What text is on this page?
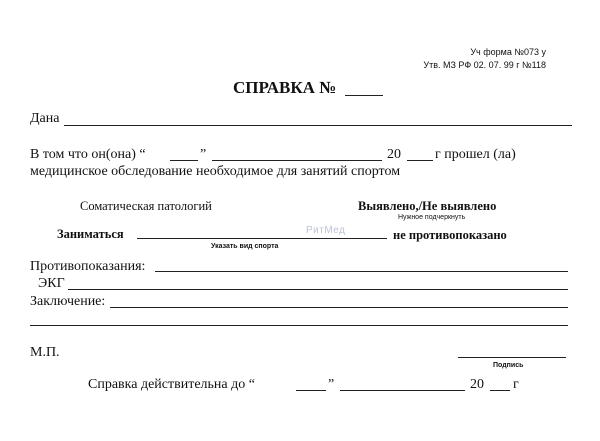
Уч форма №073 у
Утв. МЗ РФ 02. 07. 99 г №118
СПРАВКА №
Дана
В том что он(она) “	”	20 г прошел (ла)
медицинское обследование необходимое для занятий спортом
Соматическая патологий	Выявлено,/Не выявлено
Нужное подчеркнуть
Заниматься	РитМед	не противопоказано
Указать вид спорта
Противопоказания:
ЭКГ
Заключение:
М.П.
Подпись
Справка действительна до “	”	20 г
